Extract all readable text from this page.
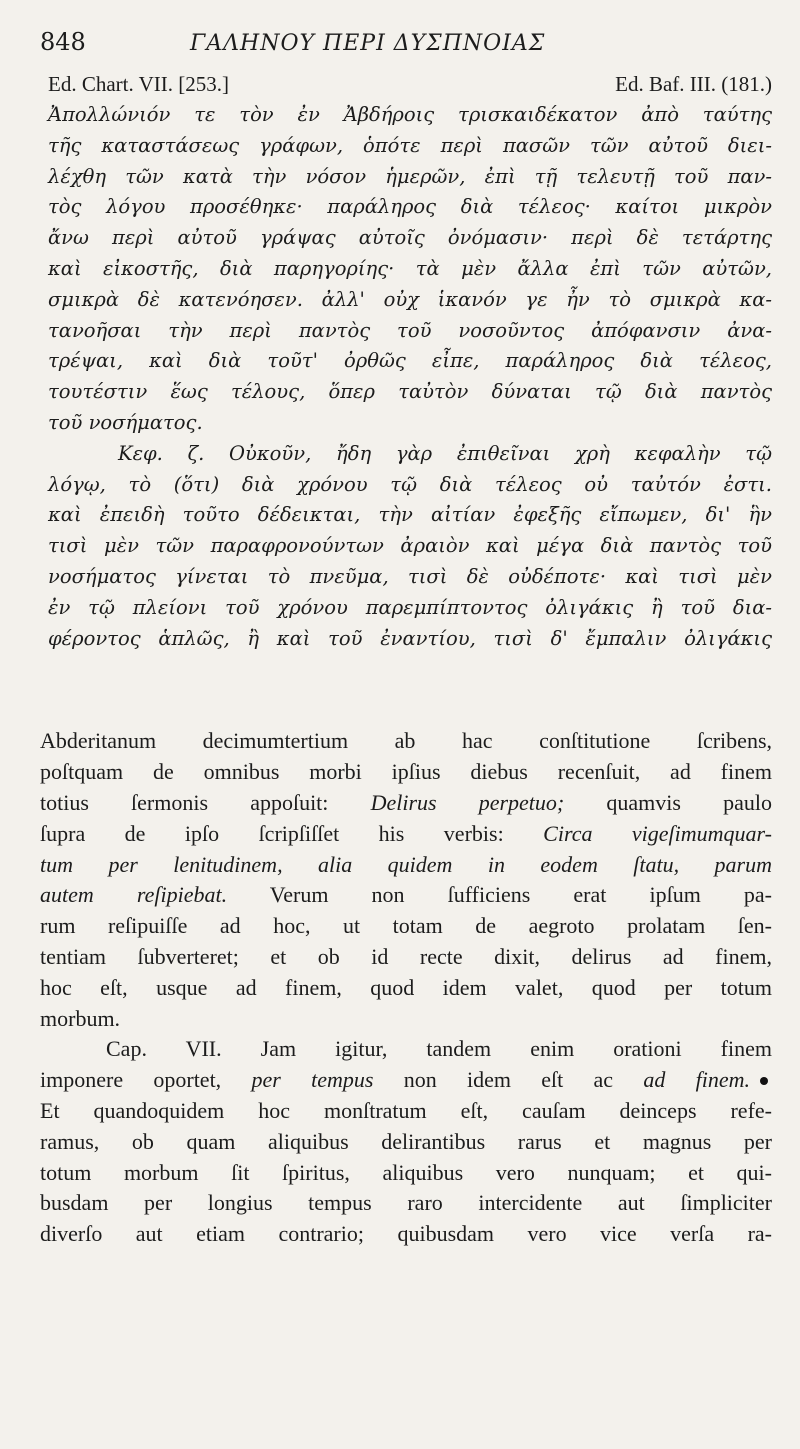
848	ΓΑΛΗΝΟΥ ΠΕΡΙ ΔΥΣΠΝΟΙΑΣ
Ed. Chart. VII. [253.]	Ed. Baf. III. (181.)
Ἀπολλώνιόν τε τὸν ἐν Ἀβδήροις τρισκαιδέκατον ἀπὸ ταύτης
τῆς καταστάσεως γράφων, ὁπότε περὶ πασῶν τῶν αὐτοῦ διει-
λέχθη τῶν κατὰ τὴν νόσον ἡμερῶν, ἐπὶ τῇ τελευτῇ τοῦ παν-
τὸς λόγου προσέθηκε· παράληρος διὰ τέλεος· καίτοι μικρὸν
ἄνω περὶ αὐτοῦ γράψας αὐτοῖς ὀνόμασιν· περὶ δὲ τετάρτης
καὶ εἰκοστῆς, διὰ παρηγορίης· τὰ μὲν ἄλλα ἐπὶ τῶν αὐτῶν,
σμικρὰ δὲ κατενόησεν. ἀλλ' οὐχ ἱκανόν γε ἦν τὸ σμικρὰ κα-
τανοῆσαι τὴν περὶ παντὸς τοῦ νοσοῦντος ἀπόφανσιν ἀνα-
τρέψαι, καὶ διὰ τοῦτ' ὀρθῶς εἶπε, παράληρος διὰ τέλεος,
τουτέστιν ἕως τέλους, ὅπερ ταὐτὸν δύναται τῷ διὰ παντὸς
τοῦ νοσήματος.
Κεφ. ζ. Οὐκοῦν, ἤδη γὰρ ἐπιθεῖναι χρὴ κεφαλὴν τῷ
λόγῳ, τὸ (ὅτι) διὰ χρόνου τῷ διὰ τέλεος οὐ ταὐτόν ἐστι.
καὶ ἐπειδὴ τοῦτο δέδεικται, τὴν αἰτίαν ἐφεξῆς εἴπωμεν, δι' ἣν
τισὶ μὲν τῶν παραφρονούντων ἀραιὸν καὶ μέγα διὰ παντὸς τοῦ
νοσήματος γίνεται τὸ πνεῦμα, τισὶ δὲ οὐδέποτε· καὶ τισὶ μὲν
ἐν τῷ πλείονι τοῦ χρόνου παρεμπίπτοντος ὀλιγάκις ἢ τοῦ δια-
φέροντος ἁπλῶς, ἢ καὶ τοῦ ἐναντίου, τισὶ δ' ἔμπαλιν ὀλιγάκις
Abderitanum decimumtertium ab hac conſtitutione ſcribens,
poſtquam de omnibus morbi ipſius diebus recenſuit, ad finem
totius ſermonis appoſuit: Delirus perpetuo; quamvis paulo
ſupra de ipſo ſcripſiſſet his verbis: Circa vigeſimumquar-
tum per lenitudinem, alia quidem in eodem ſtatu, parum
autem reſipiebat. Verum non ſufficiens erat ipſum pa-
rum reſipuiſſe ad hoc, ut totam de aegroto prolatam ſen-
tentiam ſubverteret; et ob id recte dixit, delirus ad finem,
hoc eſt, usque ad finem, quod idem valet, quod per totum
morbum.
Cap. VII. Jam igitur, tandem enim orationi finem
imponere oportet, per tempus non idem eſt ac ad finem.
Et quandoquidem hoc monſtratum eſt, cauſam deinceps refe-
ramus, ob quam aliquibus delirantibus rarus et magnus per
totum morbum ſit ſpiritus, aliquibus vero nunquam; et qui-
busdam per longius tempus raro intercidente aut ſimpliciter
diverſo aut etiam contrario; quibusdam vero vice verſa ra-
